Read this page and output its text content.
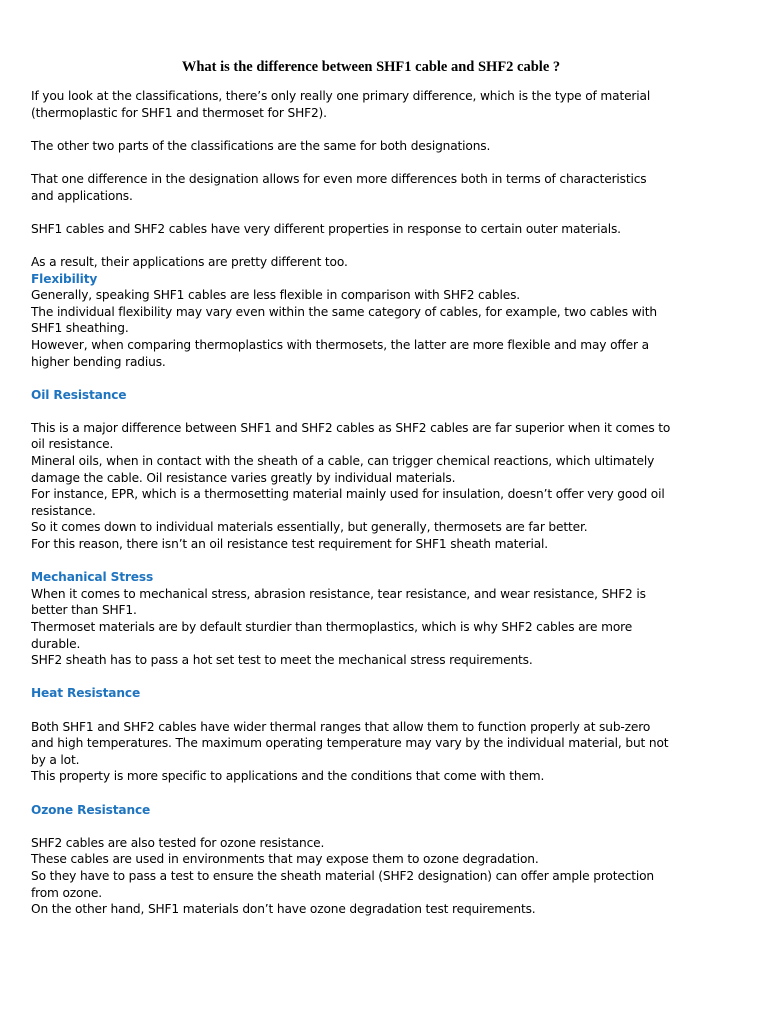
What is the difference between SHF1 cable and SHF2 cable ?

If you look at the classifications, there’s only really one primary difference, which is the type of material (thermoplastic for SHF1 and thermoset for SHF2).

The other two parts of the classifications are the same for both designations.

That one difference in the designation allows for even more differences both in terms of characteristics and applications.

SHF1 cables and SHF2 cables have very different properties in response to certain outer materials.

As a result, their applications are pretty different too.

Flexibility

Generally, speaking SHF1 cables are less flexible in comparison with SHF2 cables.

The individual flexibility may vary even within the same category of cables, for example, two cables with SHF1 sheathing.

However, when comparing thermoplastics with thermosets, the latter are more flexible and may offer a higher bending radius.

Oil Resistance

This is a major difference between SHF1 and SHF2 cables as SHF2 cables are far superior when it comes to oil resistance.

Mineral oils, when in contact with the sheath of a cable, can trigger chemical reactions, which ultimately damage the cable. Oil resistance varies greatly by individual materials.

For instance, EPR, which is a thermosetting material mainly used for insulation, doesn’t offer very good oil resistance.

So it comes down to individual materials essentially, but generally, thermosets are far better.

For this reason, there isn’t an oil resistance test requirement for SHF1 sheath material.

Mechanical Stress

When it comes to mechanical stress, abrasion resistance, tear resistance, and wear resistance, SHF2 is better than SHF1.

Thermoset materials are by default sturdier than thermoplastics, which is why SHF2 cables are more durable.

SHF2 sheath has to pass a hot set test to meet the mechanical stress requirements.

Heat Resistance

Both SHF1 and SHF2 cables have wider thermal ranges that allow them to function properly at sub-zero and high temperatures. The maximum operating temperature may vary by the individual material, but not by a lot.

This property is more specific to applications and the conditions that come with them.

Ozone Resistance

SHF2 cables are also tested for ozone resistance.

These cables are used in environments that may expose them to ozone degradation.

So they have to pass a test to ensure the sheath material (SHF2 designation) can offer ample protection from ozone.

On the other hand, SHF1 materials don’t have ozone degradation test requirements.
